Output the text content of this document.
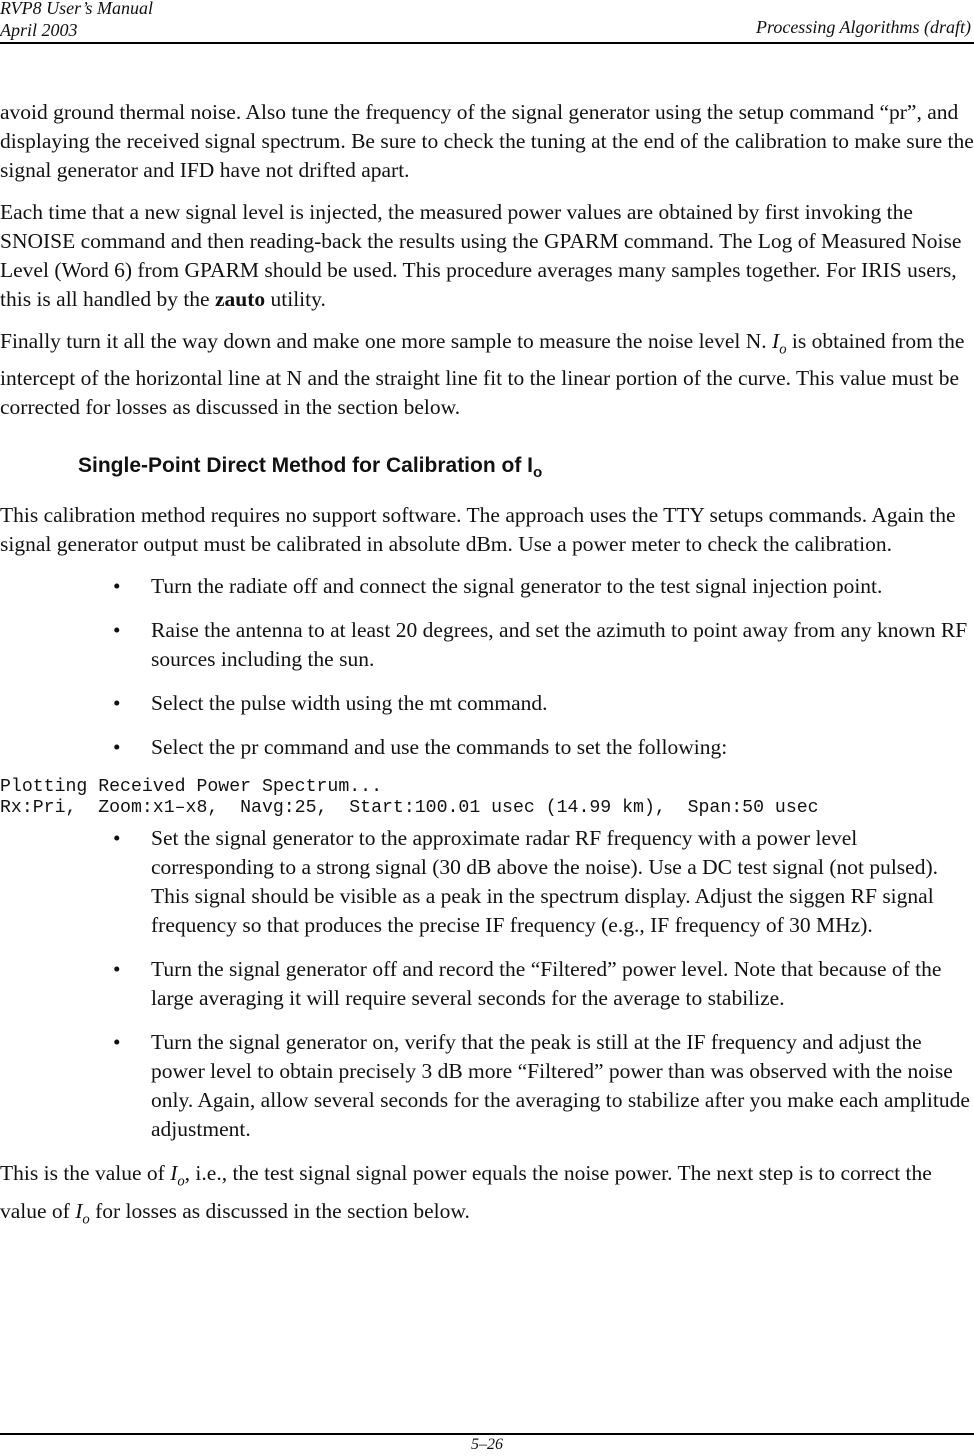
RVP8 User’s Manual
April 2003	Processing Algorithms (draft)

avoid ground thermal noise. Also tune the frequency of the signal generator using the setup command “pr”, and displaying the received signal spectrum. Be sure to check the tuning at the end of the calibration to make sure the signal generator and IFD have not drifted apart.

Each time that a new signal level is injected, the measured power values are obtained by first invoking the SNOISE command and then reading-back the results using the GPARM command. The Log of Measured Noise Level (Word 6) from GPARM should be used. This procedure averages many samples together. For IRIS users, this is all handled by the zauto utility.

Finally turn it all the way down and make one more sample to measure the noise level N. $I_o$ is obtained from the intercept of the horizontal line at N and the straight line fit to the linear portion of the curve. This value must be corrected for losses as discussed in the section below.

Single-Point Direct Method for Calibration of $I_o$

This calibration method requires no support software. The approach uses the TTY setups commands. Again the signal generator output must be calibrated in absolute dBm. Use a power meter to check the calibration.

• Turn the radiate off and connect the signal generator to the test signal injection point.
• Raise the antenna to at least 20 degrees, and set the azimuth to point away from any known RF sources including the sun.
• Select the pulse width using the mt command.
• Select the pr command and use the commands to set the following:
Plotting Received Power Spectrum...
Rx:Pri,  Zoom:x1–x8,  Navg:25,  Start:100.01 usec (14.99 km),  Span:50 usec
• Set the signal generator to the approximate radar RF frequency with a power level corresponding to a strong signal (30 dB above the noise). Use a DC test signal (not pulsed). This signal should be visible as a peak in the spectrum display. Adjust the siggen RF signal frequency so that produces the precise IF frequency (e.g., IF frequency of 30 MHz).
• Turn the signal generator off and record the “Filtered” power level. Note that because of the large averaging it will require several seconds for the average to stabilize.
• Turn the signal generator on, verify that the peak is still at the IF frequency and adjust the power level to obtain precisely 3 dB more “Filtered” power than was observed with the noise only. Again, allow several seconds for the averaging to stabilize after you make each amplitude adjustment.

This is the value of $I_o$, i.e., the test signal signal power equals the noise power. The next step is to correct the value of $I_o$ for losses as discussed in the section below.

5–26
